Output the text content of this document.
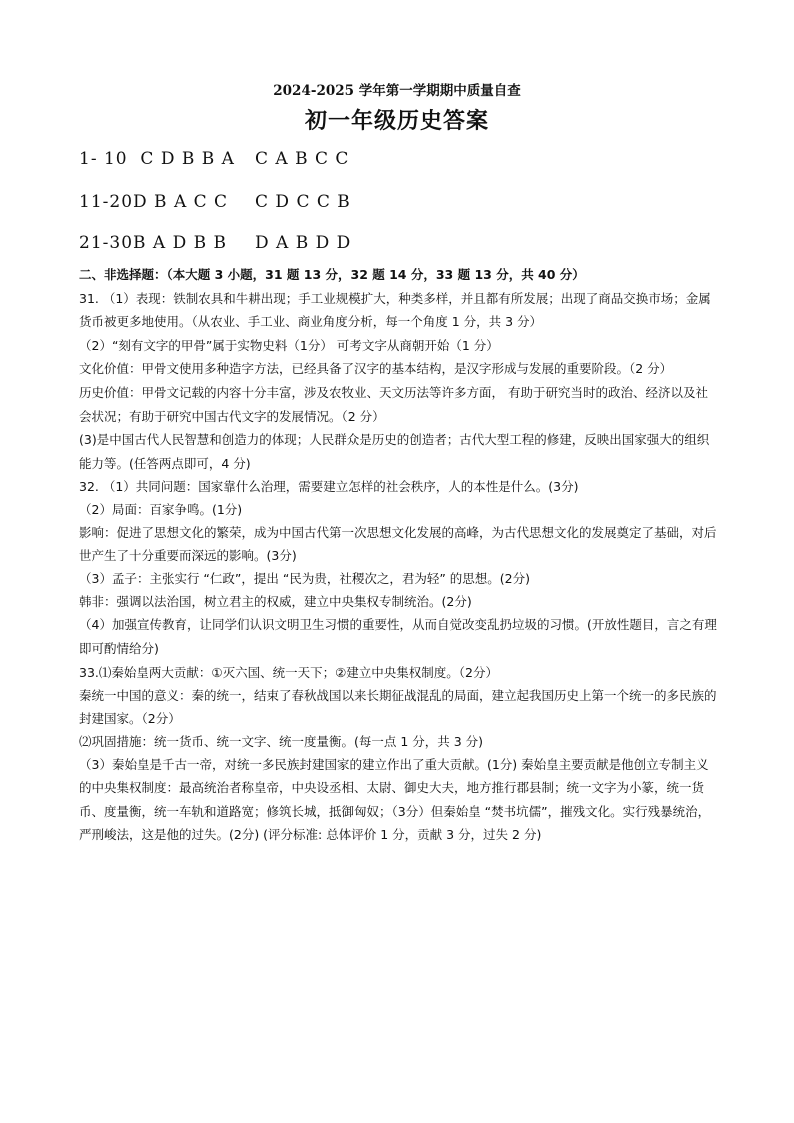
2024-2025 学年第一学期期中质量自查
初一年级历史答案
1- 10 C D B B A C A B C C
11-20D B A C C C D C C B
21-30B A D B B D A B D D

二、非选择题：（本大题 3 小题，31 题 13 分，32 题 14 分，33 题 13 分，共 40 分）

31. （1）表现：铁制农具和牛耕出现；手工业规模扩大，种类多样，并且都有所发展；出现了商品交换市场；金属货币被更多地使用。（从农业、手工业、商业角度分析，每一个角度 1 分，共 3 分）

（2）“刻有文字的甲骨”属于实物史料（1分） 可考文字从商朝开始（1 分）

文化价值：甲骨文使用多种造字方法，已经具备了汉字的基本结构，是汉字形成与发展的重要阶段。（2 分）

历史价值：甲骨文记载的内容十分丰富，涉及农牧业、天文历法等许多方面， 有助于研究当时的政治、经济以及社会状况；有助于研究中国古代文字的发展情况。（2 分）

(3)是中国古代人民智慧和创造力的体现；人民群众是历史的创造者；古代大型工程的修建，反映出国家强大的组织能力等。(任答两点即可，4 分)

32. （1）共同问题：国家靠什么治理，需要建立怎样的社会秩序，人的本性是什么。(3分)

（2）局面：百家争鸣。(1分)

影响：促进了思想文化的繁荣，成为中国古代第一次思想文化发展的高峰，为古代思想文化的发展奠定了基础，对后世产生了十分重要而深远的影响。(3分)

（3）孟子：主张实行 “仁政”，提出 “民为贵，社稷次之，君为轻” 的思想。(2分)

韩非：强调以法治国，树立君主的权威，建立中央集权专制统治。(2分)

（4）加强宣传教育，让同学们认识文明卫生习惯的重要性，从而自觉改变乱扔垃圾的习惯。(开放性题目，言之有理即可酌情给分)

33.⑴秦始皇两大贡献：①灭六国、统一天下；②建立中央集权制度。（2分）

秦统一中国的意义：秦的统一，结束了春秋战国以来长期征战混乱的局面，建立起我国历史上第一个统一的多民族的封建国家。（2分）

⑵巩固措施：统一货币、统一文字、统一度量衡。(每一点 1 分，共 3 分)

（3）秦始皇是千古一帝，对统一多民族封建国家的建立作出了重大贡献。(1分) 秦始皇主要贡献是他创立专制主义的中央集权制度：最高统治者称皇帝，中央设丞相、太尉、御史大夫，地方推行郡县制；统一文字为小篆，统一货币、度量衡，统一车轨和道路宽；修筑长城，抵御匈奴；（3分）但秦始皇 “焚书坑儒”，摧残文化。实行残暴统治，严刑峻法，这是他的过失。(2分) (评分标准: 总体评价 1 分，贡献 3 分，过失 2 分)
